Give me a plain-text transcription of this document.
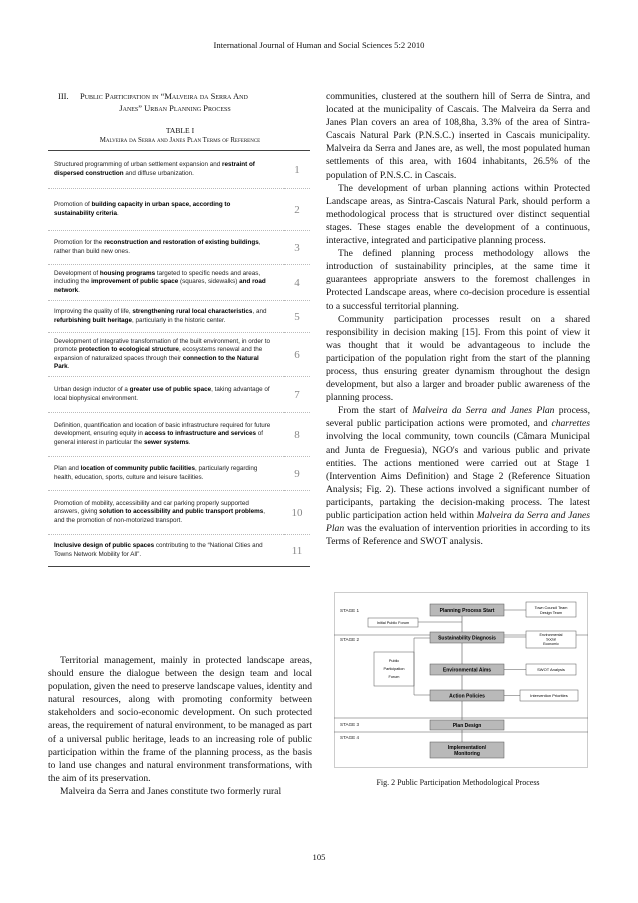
International Journal of Human and Social Sciences 5:2 2010
III. Public Participation in “Malveira da Serra And
Janes” Urban Planning Process
TABLE I
Malveira da Serra and Janes Plan Terms of Reference
Structured programming of urban settlement expansion and restraint of dispersed construction and diffuse urbanization.	1
Promotion of building capacity in urban space, according to sustainability criteria.	2
Promotion for the reconstruction and restoration of existing buildings, rather than build new ones.	3
Development of housing programs targeted to specific needs and areas, including the improvement of public space (squares, sidewalks) and road network.	4
Improving the quality of life, strengthening rural local characteristics, and refurbishing built heritage, particularly in the historic center.	5
Development of integrative transformation of the built environment, in order to promote protection to ecological structure, ecosystems renewal and the expansion of naturalized spaces through their connection to the Natural Park.	6
Urban design inductor of a greater use of public space, taking advantage of local biophysical environment.	7
Definition, quantification and location of basic infrastructure required for future development, ensuring equity in access to infrastructure and services of general interest in particular the sewer systems.	8
Plan and location of community public facilities, particularly regarding health, education, sports, culture and leisure facilities.	9
Promotion of mobility, accessibility and car parking properly supported answers, giving solution to accessibility and public transport problems, and the promotion of non-motorized transport.	10
Inclusive design of public spaces contributing to the “National Cities and Towns Network Mobility for All”.	11

Territorial management, mainly in protected landscape areas, should ensure the dialogue between the design team and local population, given the need to preserve landscape values, identity and natural resources, along with promoting conformity between stakeholders and socio-economic development. On such protected areas, the requirement of natural environment, to be managed as part of a universal public heritage, leads to an increasing role of public participation within the frame of the planning process, as the basis to land use changes and natural environment transformations, with the aim of its preservation.

Malveira da Serra and Janes constitute two formerly rural

communities, clustered at the southern hill of Serra de Sintra, and located at the municipality of Cascais. The Malveira da Serra and Janes Plan covers an area of 108,8ha, 3.3% of the area of Sintra-Cascais Natural Park (P.N.S.C.) inserted in Cascais municipality. Malveira da Serra and Janes are, as well, the most populated human settlements of this area, with 1604 inhabitants, 26.5% of the population of P.N.S.C. in Cascais.

The development of urban planning actions within Protected Landscape areas, as Sintra-Cascais Natural Park, should perform a methodological process that is structured over distinct sequential stages. These stages enable the development of a continuous, interactive, integrated and participative planning process.

The defined planning process methodology allows the introduction of sustainability principles, at the same time it guarantees appropriate answers to the foremost challenges in Protected Landscape areas, where co-decision procedure is essential to a successful territorial planning.

Community participation processes result on a shared responsibility in decision making [15]. From this point of view it was thought that it would be advantageous to include the participation of the population right from the start of the planning process, thus ensuring greater dynamism throughout the design development, but also a larger and broader public awareness of the planning process.

From the start of Malveira da Serra and Janes Plan process, several public participation actions were promoted, and charrettes involving the local community, town councils (Câmara Municipal and Junta de Freguesia), NGO's and various public and private entities. The actions mentioned were carried out at Stage 1 (Intervention Aims Definition) and Stage 2 (Reference Situation Analysis; Fig. 2). These actions involved a significant number of participants, partaking the decision-making process. The latest public participation action held within Malveira da Serra and Janes Plan was the evaluation of intervention priorities in according to its Terms of Reference and SWOT analysis.

STAGE 1
STAGE 2
STAGE 3
STAGE 4
Planning Process Start	Town Council Team
Design Team
Initial Public Forum
Sustainability Diagnosis
Environmental
Social
Economic
Public
Participation
Forum
Environmental Aims	SWOT Analysis
Action Policies	Intervention Priorities
Plan Design
Implementation/
Monitoring
Fig. 2 Public Participation Methodological Process
105
